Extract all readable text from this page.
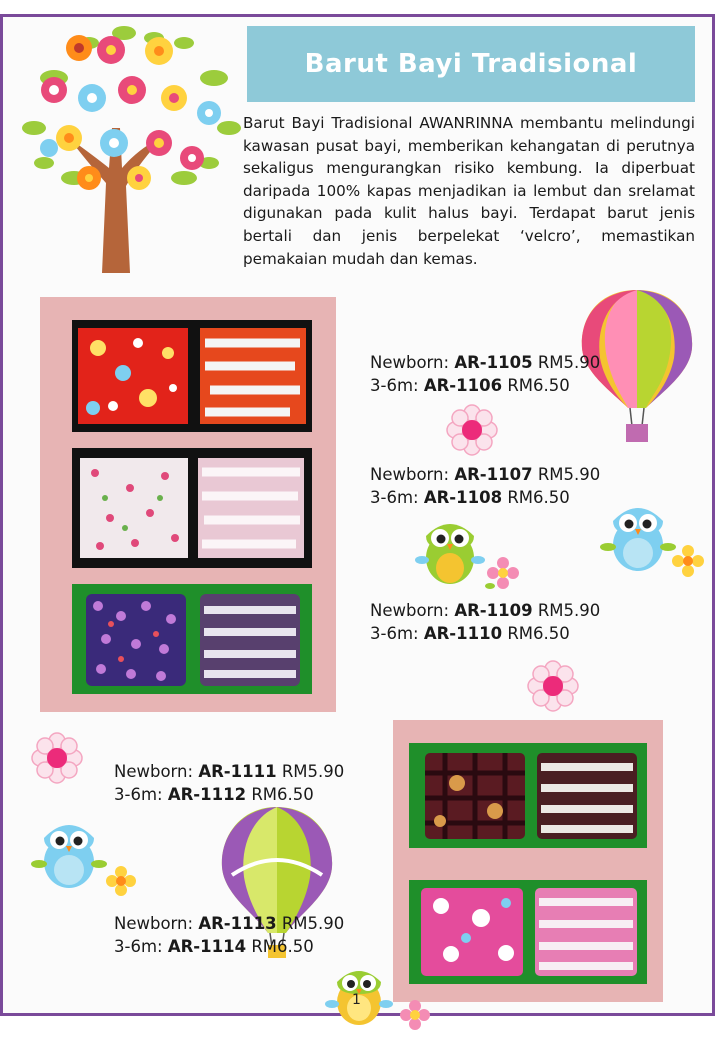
Barut Bayi Tradisional
Barut Bayi Tradisional AWANRINNA membantu melindungi kawasan pusat bayi, memberikan kehangatan di perutnya sekaligus mengurangkan risiko kembung. Ia diperbuat daripada 100% kapas menjadikan ia lembut dan srelamat digunakan pada kulit halus bayi. Terdapat barut jenis bertali dan jenis berpelekat ‘velcro’, memastikan pemakaian mudah dan kemas.
Newborn: AR-1105 RM5.90
3-6m: AR-1106 RM6.50
Newborn: AR-1107 RM5.90
3-6m: AR-1108 RM6.50
Newborn: AR-1109 RM5.90
3-6m: AR-1110 RM6.50
Newborn: AR-1111 RM5.90
3-6m: AR-1112 RM6.50
Newborn: AR-1113 RM5.90
3-6m: AR-1114 RM6.50
1
